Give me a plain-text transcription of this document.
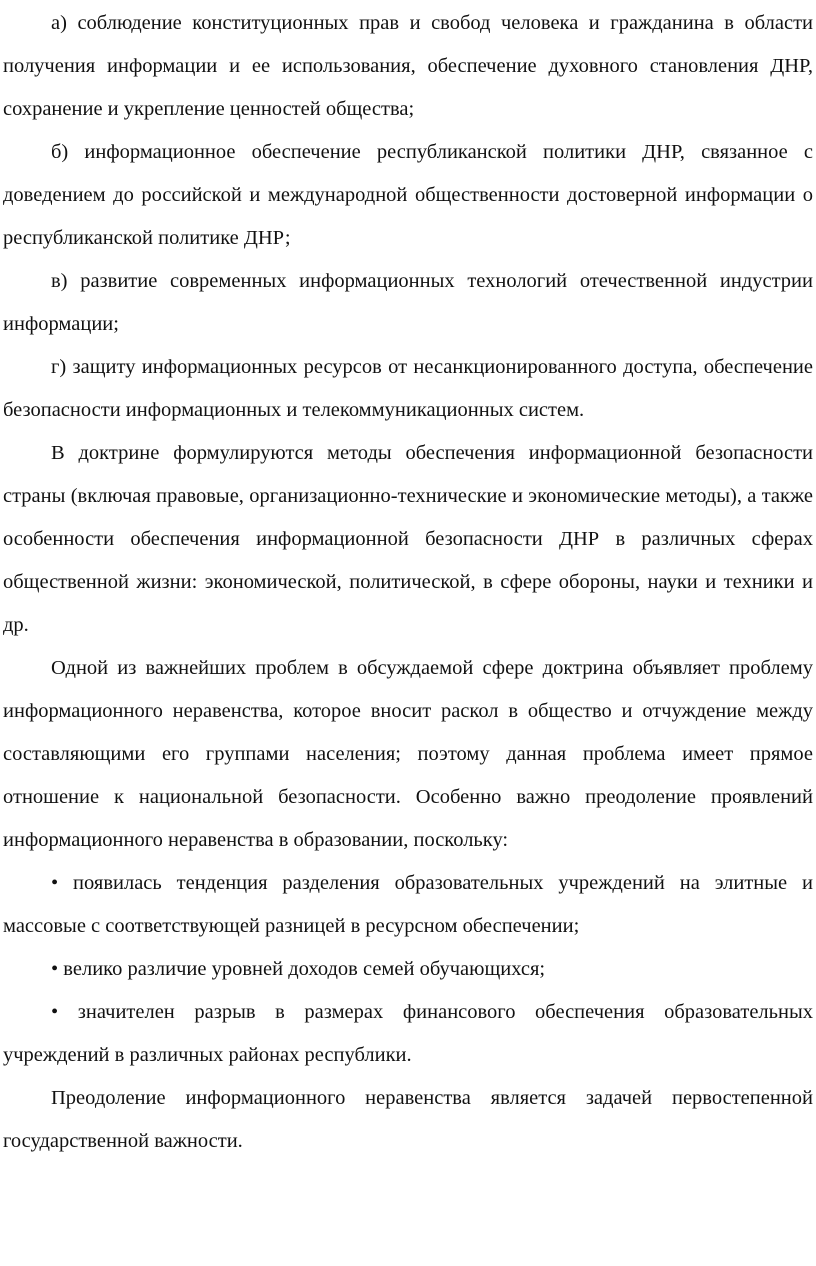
а) соблюдение конституционных прав и свобод человека и гражданина в области получения информации и ее использования, обеспечение духовного становления ДНР, сохранение и укрепление ценностей общества;

б) информационное обеспечение республиканской политики ДНР, связанное с доведением до российской и международной общественности достоверной информации о республиканской политике ДНР;

в) развитие современных информационных технологий отечественной индустрии информации;

г) защиту информационных ресурсов от несанкционированного доступа, обеспечение безопасности информационных и телекоммуникационных систем.

В доктрине формулируются методы обеспечения информационной безопасности страны (включая правовые, организационно-технические и экономические методы), а также особенности обеспечения информационной безопасности ДНР в различных сферах общественной жизни: экономической, политической, в сфере обороны, науки и техники и др.

Одной из важнейших проблем в обсуждаемой сфере доктрина объявляет проблему информационного неравенства, которое вносит раскол в общество и отчуждение между составляющими его группами населения; поэтому данная проблема имеет прямое отношение к национальной безопасности. Особенно важно преодоление проявлений информационного неравенства в образовании, поскольку:

• появилась тенденция разделения образовательных учреждений на элитные и массовые с соответствующей разницей в ресурсном обеспечении;

• велико различие уровней доходов семей обучающихся;

• значителен разрыв в размерах финансового обеспечения образовательных учреждений в различных районах республики.

Преодоление информационного неравенства является задачей первостепенной государственной важности.
